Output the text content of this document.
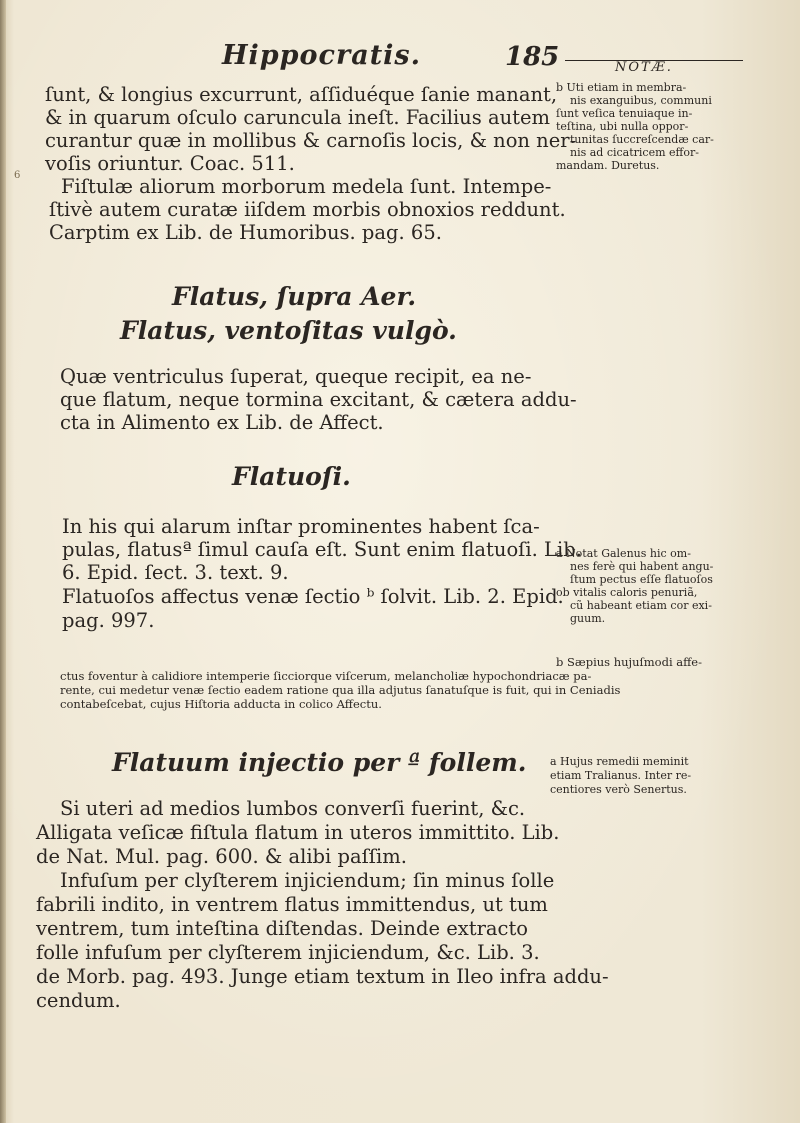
Hippocratis.	185	NOTÆ.
ſunt, & longius excurrunt, aſſiduéque ſanie manant,
& in quarum oſculo caruncula ineſt. Facilius autem
curantur quæ in mollibus & carnoſis locis, & non ner-
voſis oriuntur. Coac. 511.
Fiſtulæ aliorum morborum medela ſunt. Intempe-
ſtivè autem curatæ iiſdem morbis obnoxios reddunt.
Carptim ex Lib. de Humoribus. pag. 65.
6
b Uti etiam in membra-
nis exanguibus, communi
ſunt veſica tenuiaque in-
teſtina, ubi nulla oppor-
tunitas ſuccreſcendæ car-
nis ad cicatricem effor-
mandam. Duretus.
Flatus, ſupra Aer.
Flatus, ventoſitas vulgò.
Quæ ventriculus ſuperat, queque recipit, ea ne-
que flatum, neque tormina excitant, & cætera addu-
cta in Alimento ex Lib. de Affect.
Flatuoſi.
In his qui alarum inſtar prominentes habent ſca-
pulas, flatusª ſimul cauſa eſt. Sunt enim flatuoſi. Lib.
6. Epid. ſect. 3. text. 9.
Flatuoſos affectus venæ ſectio ᵇ ſolvit. Lib. 2. Epid.
pag. 997.
a Notat Galenus hic om-
nes ferè qui habent angu-
ſtum pectus eſſe flatuoſos
ob vitalis caloris penuriã,
cũ habeant etiam cor exi-
guum.
b Sæpius hujuſmodi affe-
ctus foventur à calidiore intemperie ſicciorque viſcerum, melancholiæ hypochondriacæ pa-
rente, cui medetur venæ ſectio eadem ratione qua illa adjutus ſanatuſque is fuit, qui in Ceniadis
contabeſcebat, cujus Hiſtoria adducta in colico Affectu.
Flatuum injectio per ª follem. a Hujus remedii meminit
etiam Tralianus. Inter re-
centiores verò Senertus.
Si uteri ad medios lumbos converſi fuerint, &c.
Alligata veſicæ fiſtula flatum in uteros immittito. Lib.
de Nat. Mul. pag. 600. & alibi paſſim.
Infuſum per clyſterem injiciendum; ſin minus ſolle
fabrili indito, in ventrem flatus immittendus, ut tum
ventrem, tum inteſtina diſtendas. Deinde extracto
folle infuſum per clyſterem injiciendum, &c. Lib. 3.
de Morb. pag. 493. Junge etiam textum in Ileo infra addu-
cendum.
